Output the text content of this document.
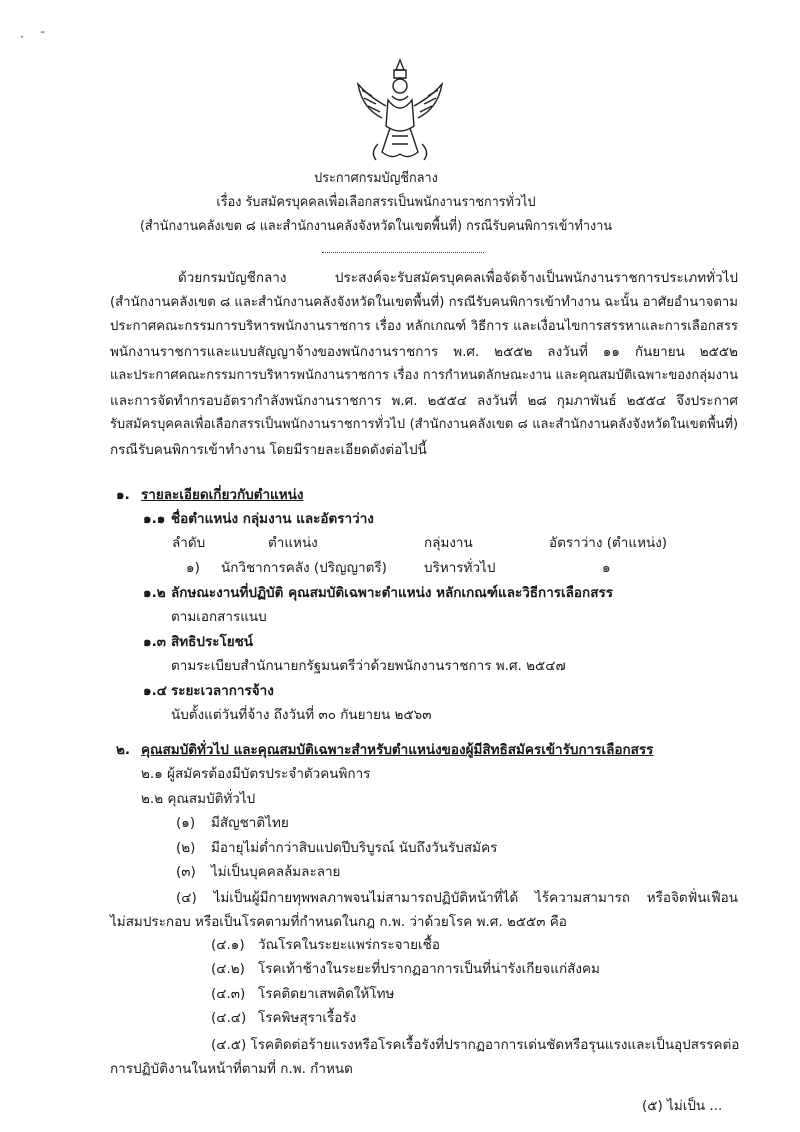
· ˉ
ประกาศกรมบัญชีกลาง
เรื่อง รับสมัครบุคคลเพื่อเลือกสรรเป็นพนักงานราชการทั่วไป
(สำนักงานคลังเขต ๘ และสำนักงานคลังจังหวัดในเขตพื้นที่) กรณีรับคนพิการเข้าทำงาน
ด้วยกรมบัญชีกลาง ประสงค์จะรับสมัครบุคคลเพื่อจัดจ้างเป็นพนักงานราชการประเภททั่วไป
(สำนักงานคลังเขต ๘ และสำนักงานคลังจังหวัดในเขตพื้นที่) กรณีรับคนพิการเข้าทำงาน ฉะนั้น อาศัยอำนาจตาม
ประกาศคณะกรรมการบริหารพนักงานราชการ เรื่อง หลักเกณฑ์ วิธีการ และเงื่อนไขการสรรหาและการเลือกสรร
พนักงานราชการและแบบสัญญาจ้างของพนักงานราชการ พ.ศ. ๒๕๕๒ ลงวันที่ ๑๑ กันยายน ๒๕๕๒
และประกาศคณะกรรมการบริหารพนักงานราชการ เรื่อง การกำหนดลักษณะงาน และคุณสมบัติเฉพาะของกลุ่มงาน
และการจัดทำกรอบอัตรากำลังพนักงานราชการ พ.ศ. ๒๕๕๔ ลงวันที่ ๒๘ กุมภาพันธ์ ๒๕๕๔ จึงประกาศ
รับสมัครบุคคลเพื่อเลือกสรรเป็นพนักงานราชการทั่วไป (สำนักงานคลังเขต ๘ และสำนักงานคลังจังหวัดในเขตพื้นที่)
กรณีรับคนพิการเข้าทำงาน โดยมีรายละเอียดดังต่อไปนี้
๑. รายละเอียดเกี่ยวกับตำแหน่ง
๑.๑ ชื่อตำแหน่ง กลุ่มงาน และอัตราว่าง
ลำดับ	ตำแหน่ง	กลุ่มงาน	อัตราว่าง (ตำแหน่ง)
๑) นักวิชาการคลัง (ปริญญาตรี)	บริหารทั่วไป	๑
๑.๒ ลักษณะงานที่ปฏิบัติ คุณสมบัติเฉพาะตำแหน่ง หลักเกณฑ์และวิธีการเลือกสรร
ตามเอกสารแนบ
๑.๓ สิทธิประโยชน์
ตามระเบียบสำนักนายกรัฐมนตรีว่าด้วยพนักงานราชการ พ.ศ. ๒๕๔๗
๑.๔ ระยะเวลาการจ้าง
นับตั้งแต่วันที่จ้าง ถึงวันที่ ๓๐ กันยายน ๒๕๖๓
๒. คุณสมบัติทั่วไป และคุณสมบัติเฉพาะสำหรับตำแหน่งของผู้มีสิทธิสมัครเข้ารับการเลือกสรร
๒.๑ ผู้สมัครต้องมีบัตรประจำตัวคนพิการ
๒.๒ คุณสมบัติทั่วไป
(๑) มีสัญชาติไทย
(๒) มีอายุไม่ต่ำกว่าสิบแปดปีบริบูรณ์ นับถึงวันรับสมัคร
(๓) ไม่เป็นบุคคลล้มละลาย
(๔) ไม่เป็นผู้มีกายทุพพลภาพจนไม่สามารถปฏิบัติหน้าที่ได้ ไร้ความสามารถ หรือจิตฟั่นเฟือน
ไม่สมประกอบ หรือเป็นโรคตามที่กำหนดในกฎ ก.พ. ว่าด้วยโรค พ.ศ. ๒๕๕๓ คือ
(๔.๑) วัณโรคในระยะแพร่กระจายเชื้อ
(๔.๒) โรคเท้าช้างในระยะที่ปรากฏอาการเป็นที่น่ารังเกียจแก่สังคม
(๔.๓) โรคติดยาเสพติดให้โทษ
(๔.๔) โรคพิษสุราเรื้อรัง
(๔.๕) โรคติดต่อร้ายแรงหรือโรคเรื้อรังที่ปรากฏอาการเด่นชัดหรือรุนแรงและเป็นอุปสรรคต่อ
การปฏิบัติงานในหน้าที่ตามที่ ก.พ. กำหนด
(๕) ไม่เป็น ...
